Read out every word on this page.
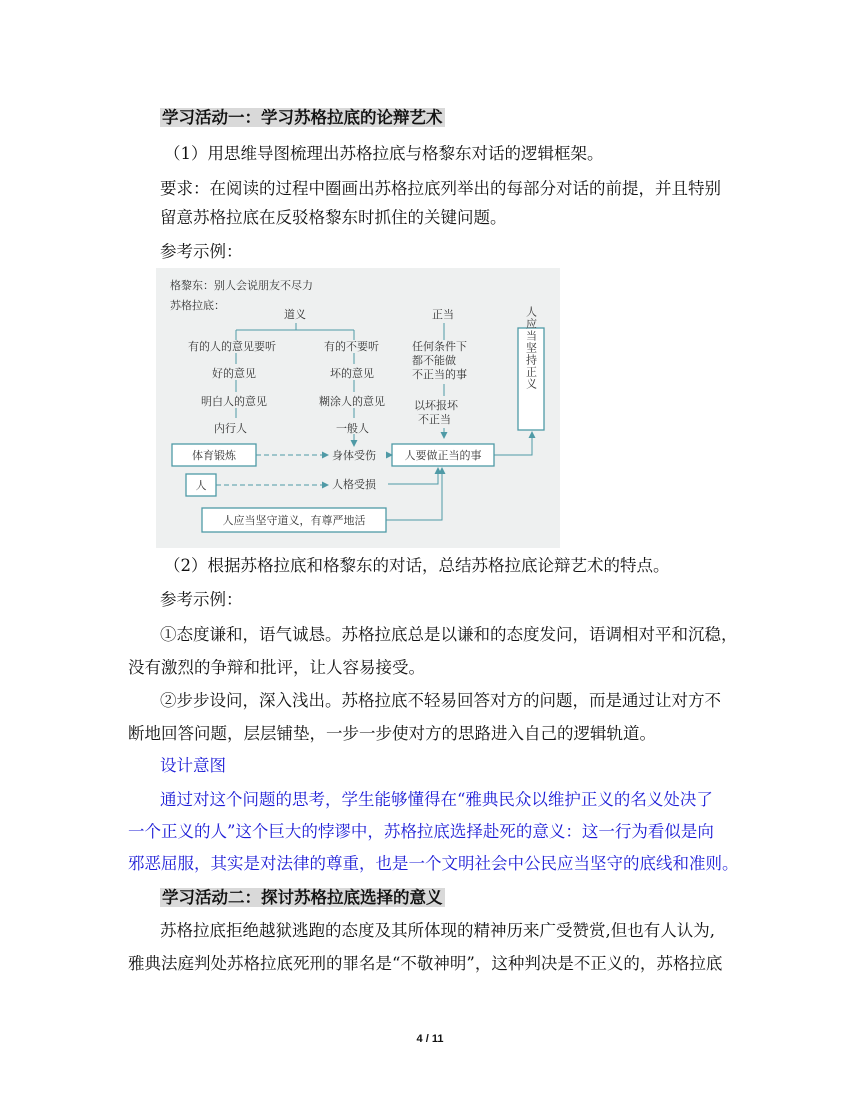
学习活动一：学习苏格拉底的论辩艺术
（1）用思维导图梳理出苏格拉底与格黎东对话的逻辑框架。
要求：在阅读的过程中圈画出苏格拉底列举出的每部分对话的前提，并且特别
留意苏格拉底在反驳格黎东时抓住的关键问题。
参考示例：
格黎东：别人会说朋友不尽力
苏格拉底：
道义	正当
有的人的意见要听
好的意见
明白人的意见
内行人
有的不要听
坏的意见
糊涂人的意见
一般人
任何条件下
都不能做
不正当的事
以坏报坏
不正当
人应当坚持正义
体育锻炼
人
身体受伤
人格受损
人要做正当的事
人应当坚守道义，有尊严地活
（2）根据苏格拉底和格黎东的对话，总结苏格拉底论辩艺术的特点。
参考示例：
①态度谦和，语气诚恳。苏格拉底总是以谦和的态度发问，语调相对平和沉稳，
没有激烈的争辩和批评，让人容易接受。
②步步设问，深入浅出。苏格拉底不轻易回答对方的问题，而是通过让对方不
断地回答问题，层层铺垫，一步一步使对方的思路进入自己的逻辑轨道。
设计意图
通过对这个问题的思考，学生能够懂得在“雅典民众以维护正义的名义处决了
一个正义的人”这个巨大的悖谬中，苏格拉底选择赴死的意义：这一行为看似是向
邪恶屈服，其实是对法律的尊重，也是一个文明社会中公民应当坚守的底线和准则。
学习活动二：探讨苏格拉底选择的意义
苏格拉底拒绝越狱逃跑的态度及其所体现的精神历来广受赞赏,但也有人认为,
雅典法庭判处苏格拉底死刑的罪名是“不敬神明”，这种判决是不正义的，苏格拉底
4 / 11
